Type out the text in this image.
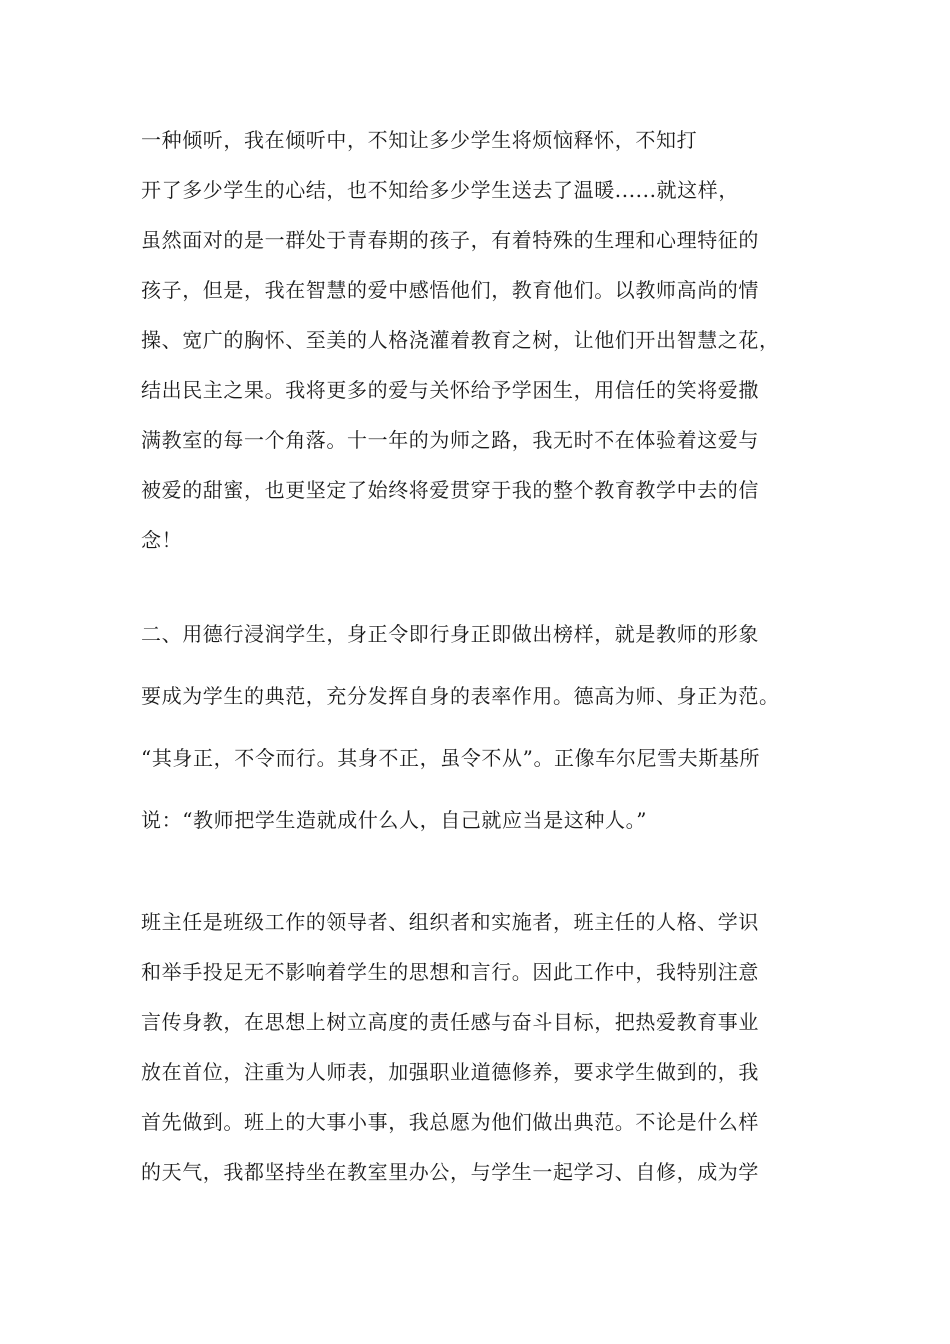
一种倾听，我在倾听中，不知让多少学生将烦恼释怀，不知打
开了多少学生的心结，也不知给多少学生送去了温暖......就这样，
虽然面对的是一群处于青春期的孩子，有着特殊的生理和心理特征的
孩子，但是，我在智慧的爱中感悟他们，教育他们。以教师高尚的情
操、宽广的胸怀、至美的人格浇灌着教育之树，让他们开出智慧之花，
结出民主之果。我将更多的爱与关怀给予学困生，用信任的笑将爱撒
满教室的每一个角落。十一年的为师之路，我无时不在体验着这爱与
被爱的甜蜜，也更坚定了始终将爱贯穿于我的整个教育教学中去的信
念！
二、用德行浸润学生，身正令即行身正即做出榜样，就是教师的形象
要成为学生的典范，充分发挥自身的表率作用。德高为师、身正为范。
“其身正，不令而行。其身不正，虽令不从”。正像车尔尼雪夫斯基所
说：“教师把学生造就成什么人，自己就应当是这种人。”
班主任是班级工作的领导者、组织者和实施者，班主任的人格、学识
和举手投足无不影响着学生的思想和言行。因此工作中，我特别注意
言传身教，在思想上树立高度的责任感与奋斗目标，把热爱教育事业
放在首位，注重为人师表，加强职业道德修养，要求学生做到的，我
首先做到。班上的大事小事，我总愿为他们做出典范。不论是什么样
的天气，我都坚持坐在教室里办公，与学生一起学习、自修，成为学
